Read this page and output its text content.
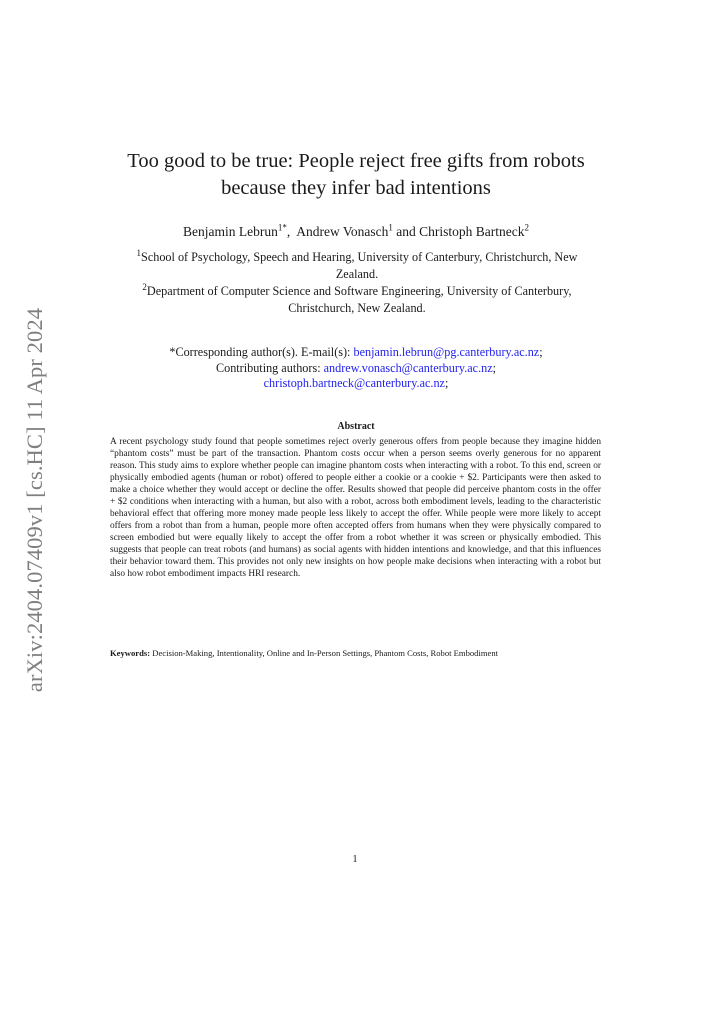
arXiv:2404.07409v1 [cs.HC] 11 Apr 2024
Too good to be true: People reject free gifts from robots
because they infer bad intentions
Benjamin Lebrun$^{1*}$,  Andrew Vonasch$^1$ and Christoph Bartneck$^2$
$^1$School of Psychology, Speech and Hearing, University of Canterbury, Christchurch, New
Zealand.
$^2$Department of Computer Science and Software Engineering, University of Canterbury,
Christchurch, New Zealand.
*Corresponding author(s). E-mail(s): benjamin.lebrun@pg.canterbury.ac.nz;
Contributing authors: andrew.vonasch@canterbury.ac.nz;
christoph.bartneck@canterbury.ac.nz;
Abstract
A recent psychology study found that people sometimes reject overly generous offers from people because they imagine hidden “phantom costs” must be part of the transaction. Phantom costs occur when a person seems overly generous for no apparent reason. This study aims to explore whether people can imagine phantom costs when interacting with a robot. To this end, screen or physically embodied agents (human or robot) offered to people either a cookie or a cookie + $2. Participants were then asked to make a choice whether they would accept or decline the offer. Results showed that people did perceive phantom costs in the offer + $2 conditions when interacting with a human, but also with a robot, across both embodiment levels, leading to the characteristic behavioral effect that offering more money made people less likely to accept the offer. While people were more likely to accept offers from a robot than from a human, people more often accepted offers from humans when they were physically compared to screen embodied but were equally likely to accept the offer from a robot whether it was screen or physically embodied. This suggests that people can treat robots (and humans) as social agents with hidden intentions and knowledge, and that this influences their behavior toward them. This provides not only new insights on how people make decisions when interacting with a robot but also how robot embodiment impacts HRI research.
Keywords: Decision-Making, Intentionality, Online and In-Person Settings, Phantom Costs, Robot Embodiment
1
